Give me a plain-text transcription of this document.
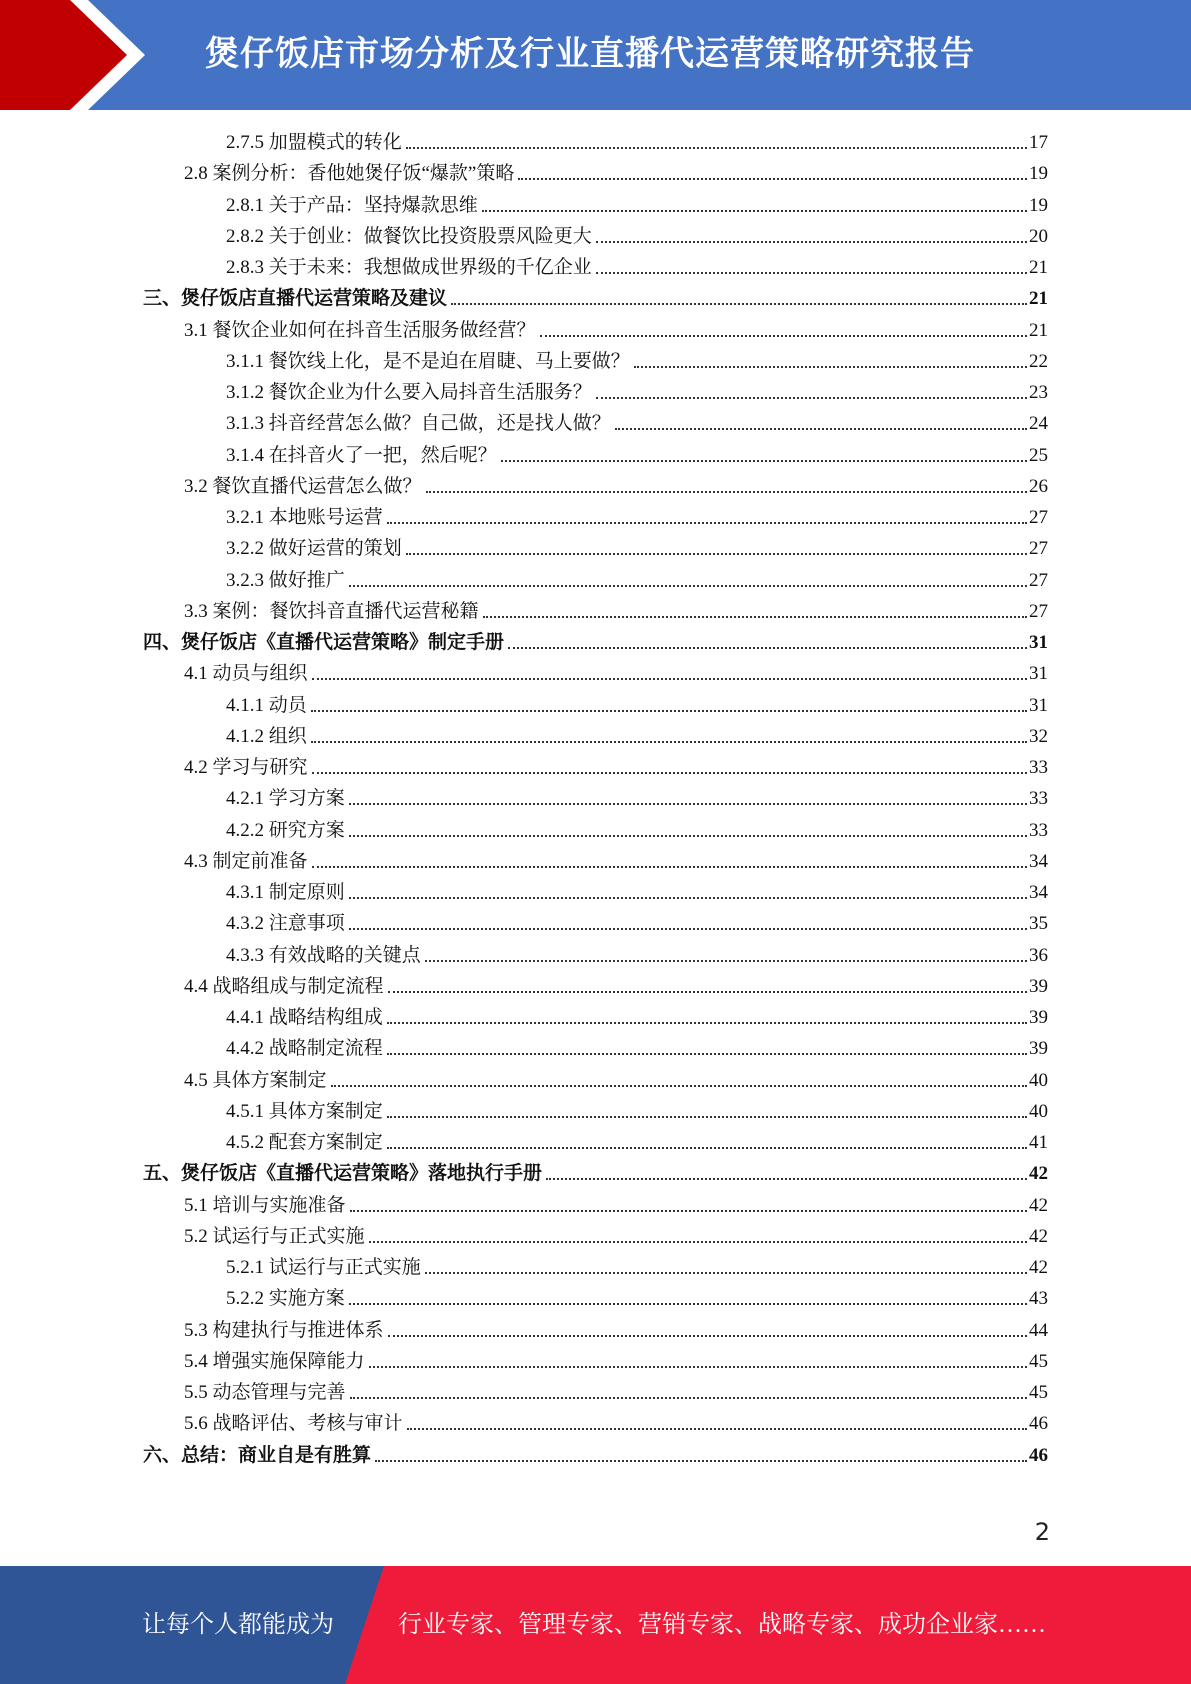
煲仔饭店市场分析及行业直播代运营策略研究报告
2.7.5 加盟模式的转化	17
2.8 案例分析：香他她煲仔饭“爆款”策略	19
2.8.1 关于产品：坚持爆款思维	19
2.8.2 关于创业：做餐饮比投资股票风险更大	20
2.8.3 关于未来：我想做成世界级的千亿企业	21
三、煲仔饭店直播代运营策略及建议	21
3.1 餐饮企业如何在抖音生活服务做经营？	21
3.1.1 餐饮线上化，是不是迫在眉睫、马上要做？	22
3.1.2 餐饮企业为什么要入局抖音生活服务？	23
3.1.3 抖音经营怎么做？自己做，还是找人做？	24
3.1.4 在抖音火了一把，然后呢？	25
3.2 餐饮直播代运营怎么做？	26
3.2.1 本地账号运营	27
3.2.2 做好运营的策划	27
3.2.3 做好推广	27
3.3 案例：餐饮抖音直播代运营秘籍	27
四、煲仔饭店《直播代运营策略》制定手册	31
4.1 动员与组织	31
4.1.1 动员	31
4.1.2 组织	32
4.2 学习与研究	33
4.2.1 学习方案	33
4.2.2 研究方案	33
4.3 制定前准备	34
4.3.1 制定原则	34
4.3.2 注意事项	35
4.3.3 有效战略的关键点	36
4.4 战略组成与制定流程	39
4.4.1 战略结构组成	39
4.4.2 战略制定流程	39
4.5 具体方案制定	40
4.5.1 具体方案制定	40
4.5.2 配套方案制定	41
五、煲仔饭店《直播代运营策略》落地执行手册	42
5.1 培训与实施准备	42
5.2 试运行与正式实施	42
5.2.1 试运行与正式实施	42
5.2.2 实施方案	43
5.3 构建执行与推进体系	44
5.4 增强实施保障能力	45
5.5 动态管理与完善	45
5.6 战略评估、考核与审计	46
六、总结：商业自是有胜算	46
2
让每个人都能成为	行业专家、管理专家、营销专家、战略专家、成功企业家……
